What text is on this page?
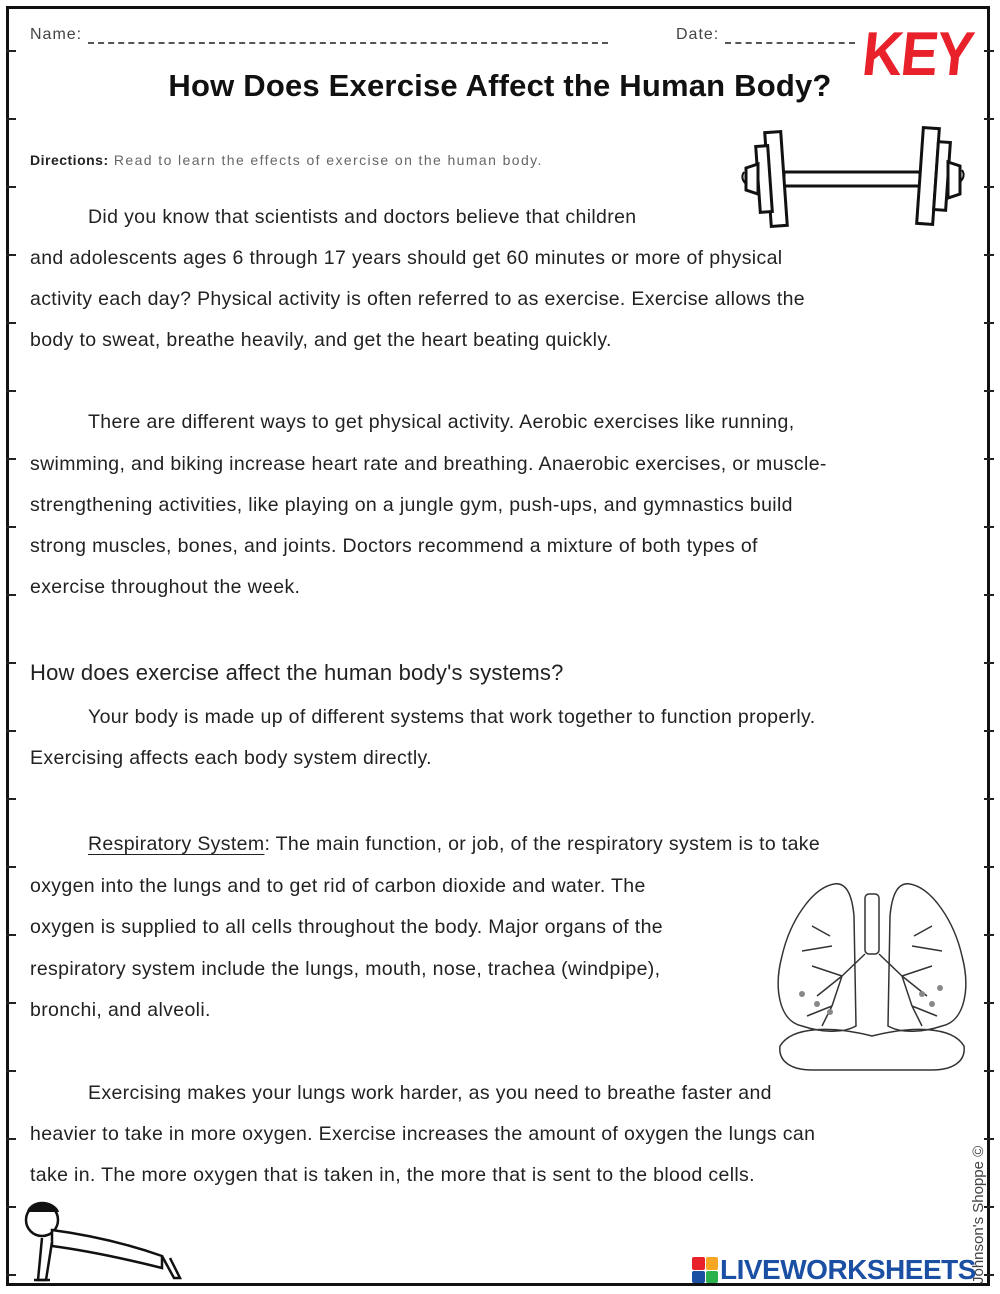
Name:	Date:	KEY
How Does Exercise Affect the Human Body?
Directions: Read to learn the effects of exercise on the human body.
Did you know that scientists and doctors believe that children
and adolescents ages 6 through 17 years should get 60 minutes or more of physical
activity each day? Physical activity is often referred to as exercise. Exercise allows the
body to sweat, breathe heavily, and get the heart beating quickly.
There are different ways to get physical activity. Aerobic exercises like running,
swimming, and biking increase heart rate and breathing. Anaerobic exercises, or muscle-
strengthening activities, like playing on a jungle gym, push-ups, and gymnastics build
strong muscles, bones, and joints. Doctors recommend a mixture of both types of
exercise throughout the week.
How does exercise affect the human body's systems?
Your body is made up of different systems that work together to function properly.
Exercising affects each body system directly.
Respiratory System: The main function, or job, of the respiratory system is to take
oxygen into the lungs and to get rid of carbon dioxide and water. The
oxygen is supplied to all cells throughout the body. Major organs of the
respiratory system include the lungs, mouth, nose, trachea (windpipe),
bronchi, and alveoli.
Exercising makes your lungs work harder, as you need to breathe faster and
heavier to take in more oxygen. Exercise increases the amount of oxygen the lungs can
take in. The more oxygen that is taken in, the more that is sent to the blood cells.
LIVEWORKSHEETS
Johnson's Shoppe ©
